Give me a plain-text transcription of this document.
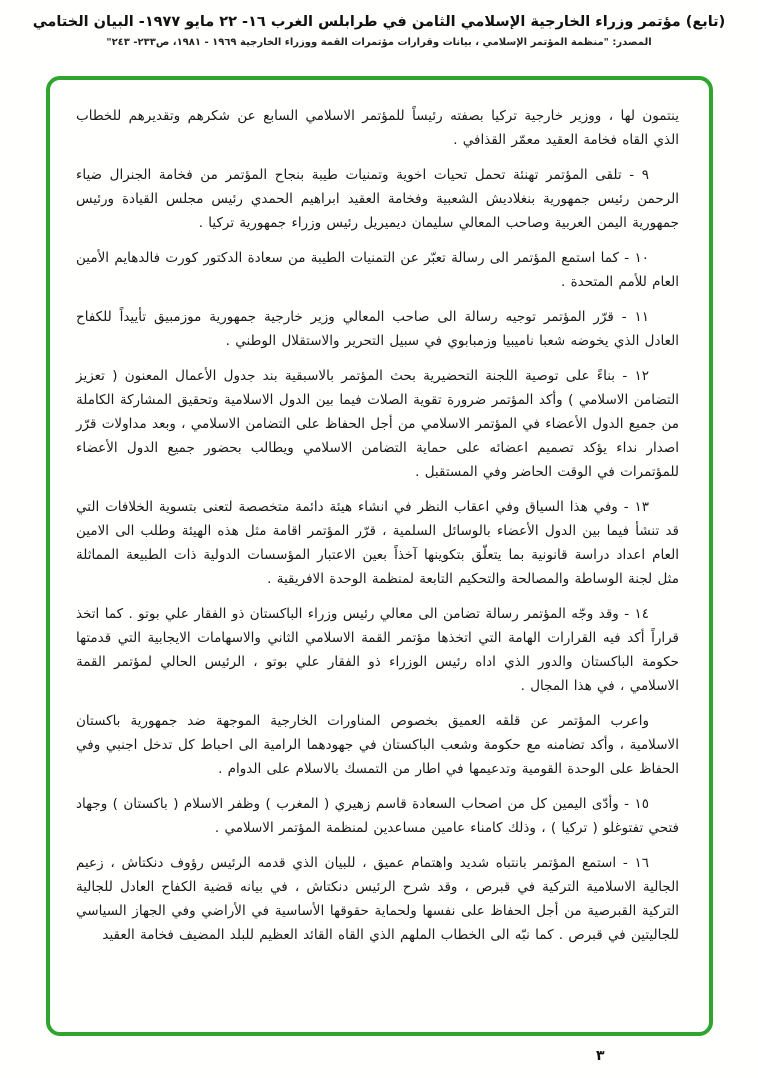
(تابع) مؤتمر وزراء الخارجية الإسلامي الثامن في طرابلس الغرب ١٦- ٢٢ مايو ١٩٧٧- البيان الختامي
المصدر: "منظمة المؤتمر الإسلامي ، بيانات وقرارات مؤتمرات القمة ووزراء الخارجية ١٩٦٩ - ١٩٨١، ص٢٣٣- ٢٤٣"

ينتمون لها ، ووزير خارجية تركيا بصفته رئيساً للمؤتمر الاسلامي السابع عن شكرهم وتقديرهم للخطاب الذي القاه فخامة العقيد معمّر القذافي .

٩ - تلقى المؤتمر تهنئة تحمل تحيات اخوية وتمنيات طيبة بنجاح المؤتمر من فخامة الجنرال ضياء الرحمن رئيس جمهورية بنغلاديش الشعبية وفخامة العقيد ابراهيم الحمدي رئيس مجلس القيادة ورئيس جمهورية اليمن العربية وصاحب المعالي سليمان ديميريل رئيس وزراء جمهورية تركيا .

١٠ - كما استمع المؤتمر الى رسالة تعبّر عن التمنيات الطيبة من سعادة الدكتور كورت فالدهايم الأمين العام للأمم المتحدة .

١١ - قرّر المؤتمر توجيه رسالة الى صاحب المعالي وزير خارجية جمهورية موزمبيق تأييداً للكفاح العادل الذي يخوضه شعبا ناميبيا وزمبابوي في سبيل التحرير والاستقلال الوطني .

١٢ - بناءً على توصية اللجنة التحضيرية بحث المؤتمر بالاسبقية بند جدول الأعمال المعنون ( تعزيز التضامن الاسلامي ) وأكد المؤتمر ضرورة تقوية الصلات فيما بين الدول الاسلامية وتحقيق المشاركة الكاملة من جميع الدول الأعضاء في المؤتمر الاسلامي من أجل الحفاظ على التضامن الاسلامي ، وبعد مداولات قرّر اصدار نداء يؤكد تصميم اعضائه على حماية التضامن الاسلامي ويطالب بحضور جميع الدول الأعضاء للمؤتمرات في الوقت الحاضر وفي المستقبل .

١٣ - وفي هذا السياق وفي اعقاب النظر في انشاء هيئة دائمة متخصصة لتعنى بتسوية الخلافات التي قد تنشأ فيما بين الدول الأعضاء بالوسائل السلمية ، قرّر المؤتمر اقامة مثل هذه الهيئة وطلب الى الامين العام اعداد دراسة قانونية بما يتعلّق بتكوينها آخذاً بعين الاعتبار المؤسسات الدولية ذات الطبيعة المماثلة مثل لجنة الوساطة والمصالحة والتحكيم التابعة لمنظمة الوحدة الافريقية .

١٤ - وقد وجّه المؤتمر رسالة تضامن الى معالي رئيس وزراء الباكستان ذو الفقار علي بوتو . كما اتخذ قراراً أكد فيه القرارات الهامة التي اتخذها مؤتمر القمة الاسلامي الثاني والاسهامات الايجابية التي قدمتها حكومة الباكستان والدور الذي اداه رئيس الوزراء ذو الفقار علي بوتو ، الرئيس الحالي لمؤتمر القمة الاسلامي ، في هذا المجال .

واعرب المؤتمر عن قلقه العميق بخصوص المناورات الخارجية الموجهة ضد جمهورية باكستان الاسلامية ، وأكد تضامنه مع حكومة وشعب الباكستان في جهودهما الرامية الى احباط كل تدخل اجنبي وفي الحفاظ على الوحدة القومية وتدعيمها في اطار من التمسك بالاسلام على الدوام .

١٥ - وأدّى اليمين كل من اصحاب السعادة قاسم زهيري ( المغرب ) وظفر الاسلام ( باكستان ) وجهاد فتحي تفتوغلو ( تركيا ) ، وذلك كامناء عامين مساعدين لمنظمة المؤتمر الاسلامي .

١٦ - استمع المؤتمر بانتباه شديد واهتمام عميق ، للبيان الذي قدمه الرئيس رؤوف دنكتاش ، زعيم الجالية الاسلامية التركية في قبرص ، وقد شرح الرئيس دنكتاش ، في بيانه قضية الكفاح العادل للجالية التركية القبرصية من أجل الحفاظ على نفسها ولحماية حقوقها الأساسية في الأراضي وفي الجهاز السياسي للجاليتين في قبرص . كما نبّه الى الخطاب الملهم الذي القاه القائد العظيم للبلد المضيف فخامة العقيد

٣
